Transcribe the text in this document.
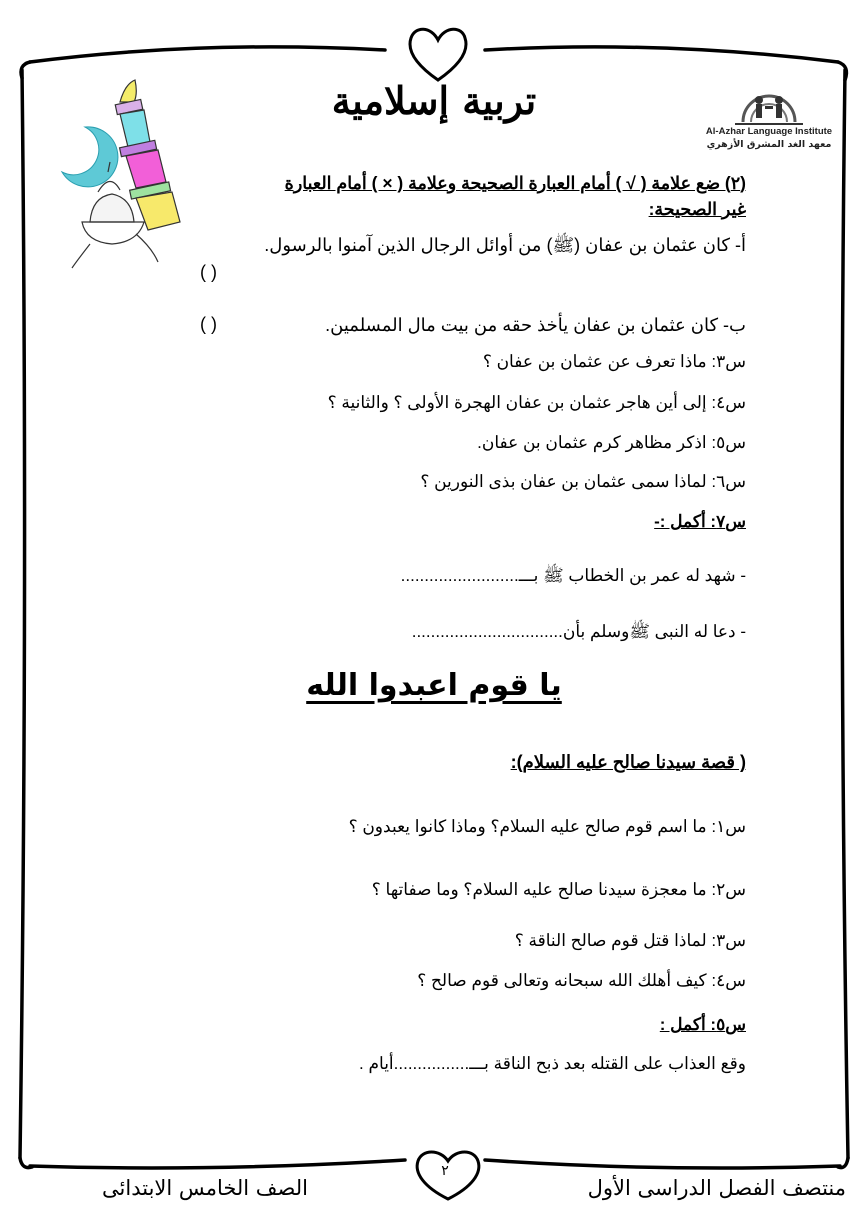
٢
Al-Azhar Language Institute
معهد الغد المشرق الأزهري
تربية إسلامية
(٢) ضع علامة ( √ ) أمام العبارة الصحيحة وعلامة ( × ) أمام العبارة
غير الصحيحة:
أ- كان عثمان بن عفان (ﷺ) من أوائل الرجال الذين آمنوا بالرسول.
( )
ب- كان عثمان بن عفان يأخذ حقه من بيت مال المسلمين.
( )
س٣: ماذا تعرف عن عثمان بن عفان ؟
س٤: إلى أين هاجر عثمان بن عفان الهجرة الأولى ؟ والثانية ؟
س٥: اذكر مظاهر كرم عثمان بن عفان.
س٦: لماذا سمى عثمان بن عفان بذى النورين ؟
س٧: أكمل :-
- شهد له عمر بن الخطاب ﷺ بـــ.........................
- دعا له النبى ﷺوسلم بأن................................
يا قوم اعبدوا الله
( قصة سيدنا صالح عليه السلام):
س١: ما اسم قوم صالح عليه السلام؟ وماذا كانوا يعبدون ؟
س٢: ما معجزة سيدنا صالح عليه السلام؟ وما صفاتها ؟
س٣: لماذا قتل قوم صالح الناقة ؟
س٤: كيف أهلك الله سبحانه وتعالى قوم صالح ؟
س٥: أكمل :
وقع العذاب على القتله بعد ذبح الناقة بـــ................أيام .
منتصف الفصل الدراسى الأول
الصف الخامس الابتدائى
